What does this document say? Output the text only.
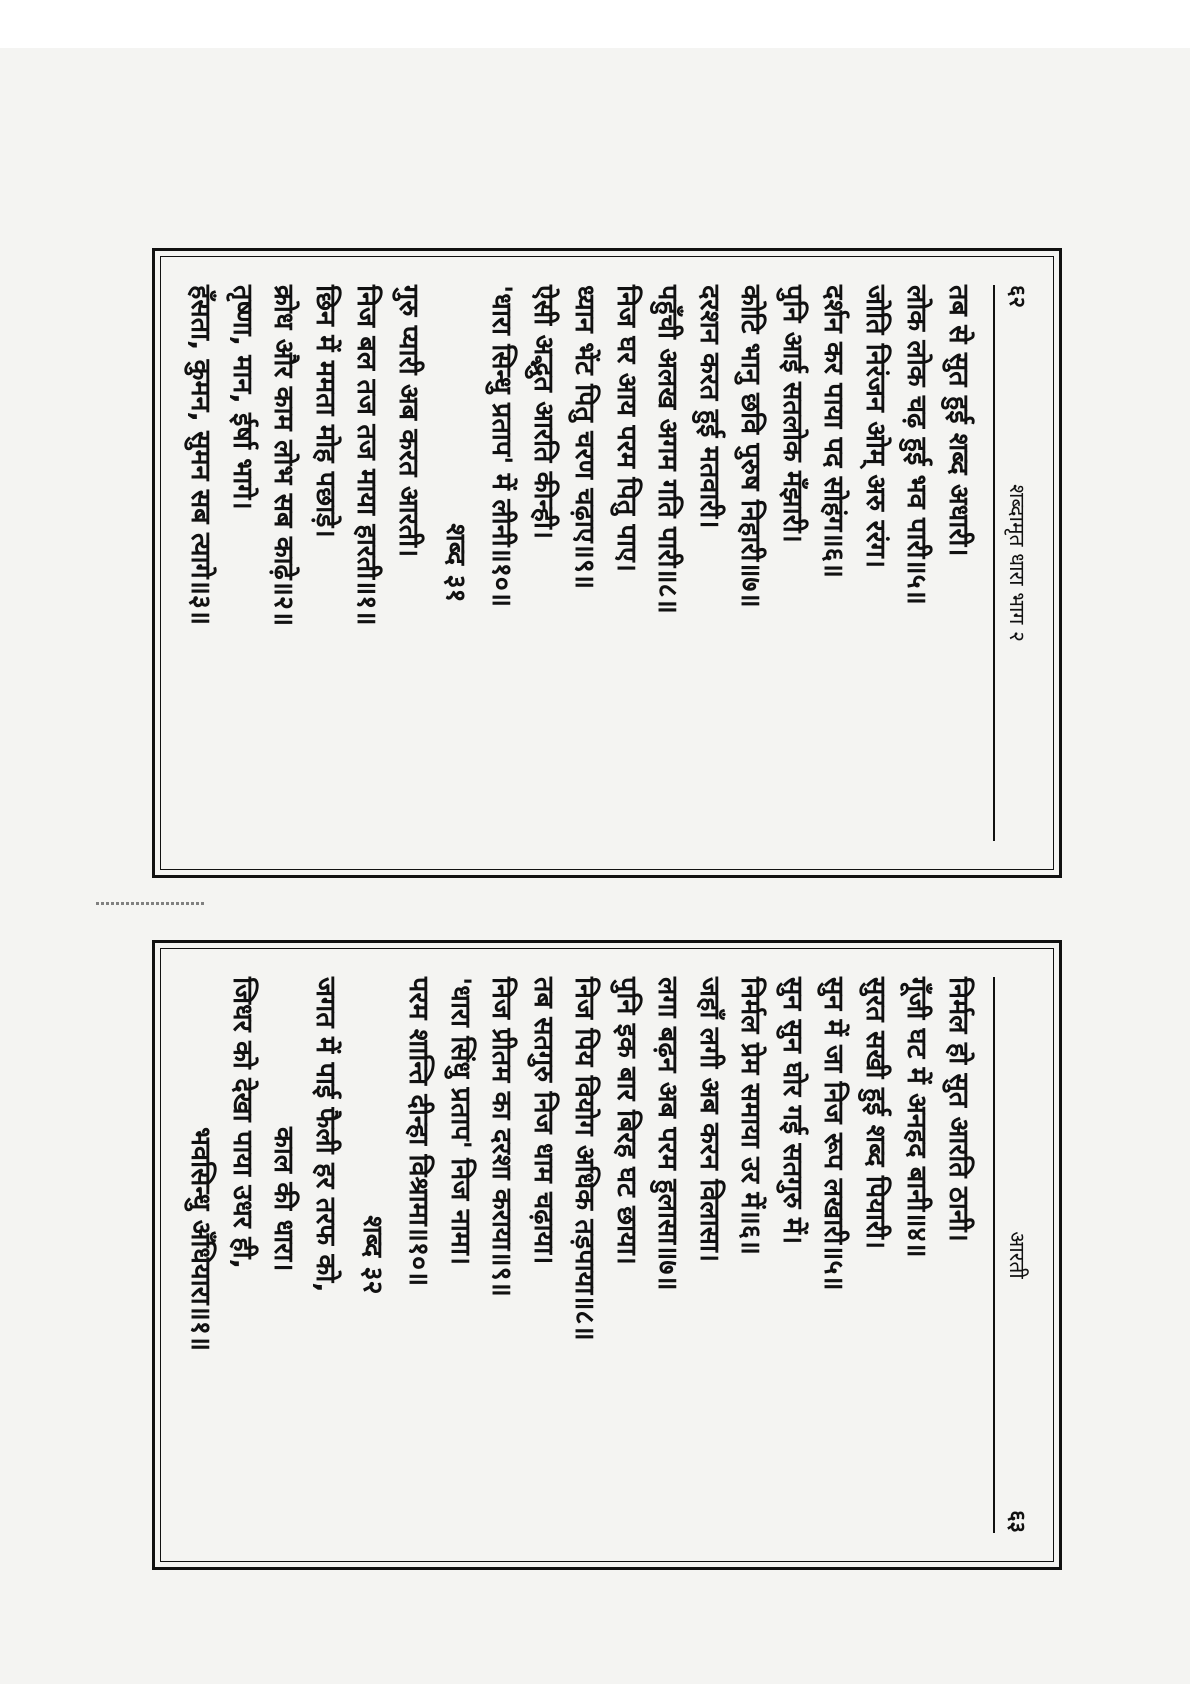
६२
शब्दामृत धारा भाग २
तब से सुत हुई शब्द अधारी।
लोक लोक चढ़ हुई भव पारी॥५॥
जोति निरंजन ओम् अरु ररंग।
दर्शन कर पाया पद सोहंग॥६॥
पुनि आई सतलोक मँझारी।
कोटि भानु छवि पुरुष निहारी॥७॥
दरशन करत हुई मतवारी।
पहुँची अलख अगम गति पारी॥८॥
निज घर आय परम पितु पाए।
ध्यान भेंट पितु चरण चढ़ाए॥९॥
ऐसी अद्भुत आरति कीन्ही।
'धारा सिन्धु प्रताप' में लीनी॥१०॥
शब्द ३१
गुरु प्यारी अब करत आरती।
निज बल तज तज माया हारती॥१॥
छिन में ममता मोह पछाड़े।
क्रोध और काम लोभ सब काढ़े॥२॥
तृष्णा, मान, ईर्षा भागे।
हँसता, कुमन, सुमन सब त्यागे॥३॥
आरती
६३
निर्मल हो सुत आरति ठानी।
गूँजी घट में अनहद बानी॥४॥
सुरत सखी हुई शब्द पियारी।
सुन में जा निज रूप लखारी॥५॥
सुन सुन घोर गई सतगुरु में।
निर्मल प्रेम समाया उर में॥६॥
जहाँ लगी अब करन विलासा।
लगा बढ़न अब परम हुलासा॥७॥
पुनि इक बार बिरह घट छाया।
निज पिय वियोग अधिक तड़पाया॥८॥
तब सतगुरु निज धाम चढ़ाया।
निज प्रीतम का दरशा कराया॥९॥
'धारा सिंधु प्रताप' निज नामा।
परम शान्ति दीन्हा विश्रामा॥१०॥
शब्द ३२
जगत में पाई फैली हर तरफ को,
काल की धारा।
जिधर को देखा पाया उधर ही,
भवसिन्धु अँधियारा॥१॥
